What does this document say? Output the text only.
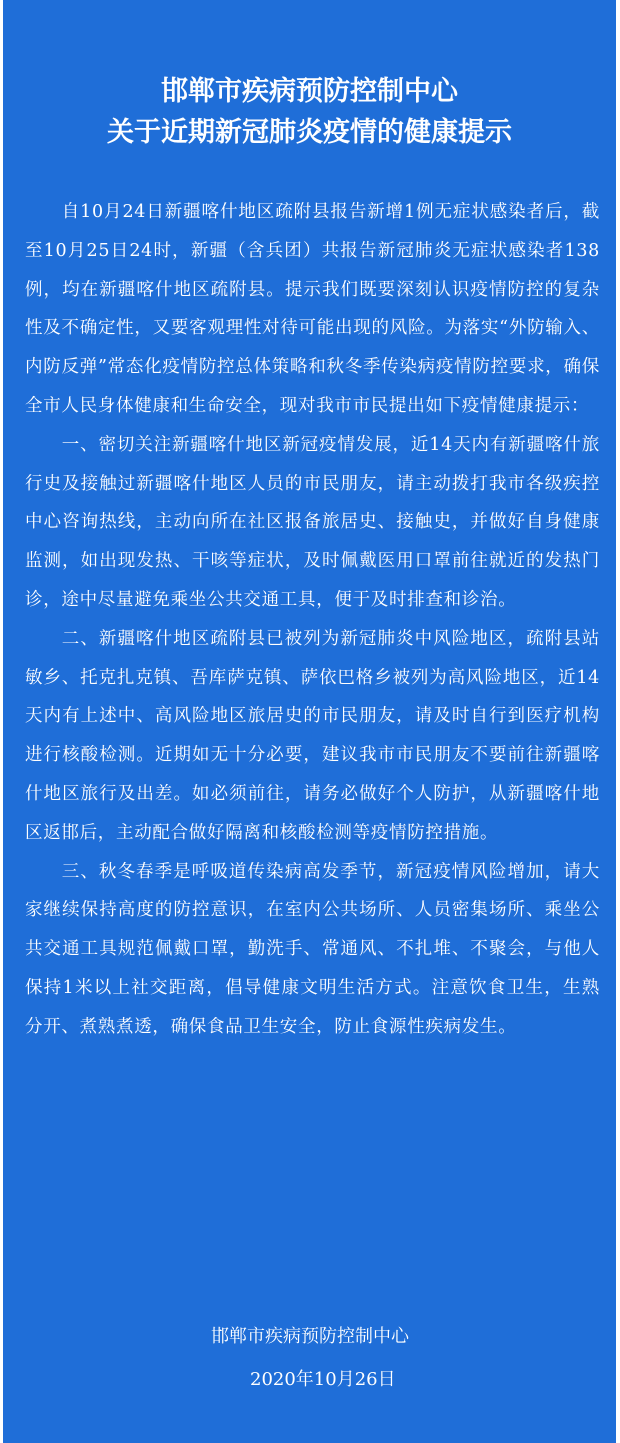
邯郸市疾病预防控制中心
关于近期新冠肺炎疫情的健康提示

自10月24日新疆喀什地区疏附县报告新增1例无症状感染者后，截至10月25日24时，新疆（含兵团）共报告新冠肺炎无症状感染者138例，均在新疆喀什地区疏附县。提示我们既要深刻认识疫情防控的复杂性及不确定性，又要客观理性对待可能出现的风险。为落实“外防输入、内防反弹”常态化疫情防控总体策略和秋冬季传染病疫情防控要求，确保全市人民身体健康和生命安全，现对我市市民提出如下疫情健康提示：

一、密切关注新疆喀什地区新冠疫情发展，近14天内有新疆喀什旅行史及接触过新疆喀什地区人员的市民朋友，请主动拨打我市各级疾控中心咨询热线，主动向所在社区报备旅居史、接触史，并做好自身健康监测，如出现发热、干咳等症状，及时佩戴医用口罩前往就近的发热门诊，途中尽量避免乘坐公共交通工具，便于及时排查和诊治。

二、新疆喀什地区疏附县已被列为新冠肺炎中风险地区，疏附县站敏乡、托克扎克镇、吾库萨克镇、萨依巴格乡被列为高风险地区，近14天内有上述中、高风险地区旅居史的市民朋友，请及时自行到医疗机构进行核酸检测。近期如无十分必要，建议我市市民朋友不要前往新疆喀什地区旅行及出差。如必须前往，请务必做好个人防护，从新疆喀什地区返邯后，主动配合做好隔离和核酸检测等疫情防控措施。

三、秋冬春季是呼吸道传染病高发季节，新冠疫情风险增加，请大家继续保持高度的防控意识，在室内公共场所、人员密集场所、乘坐公共交通工具规范佩戴口罩，勤洗手、常通风、不扎堆、不聚会，与他人保持1米以上社交距离，倡导健康文明生活方式。注意饮食卫生，生熟分开、煮熟煮透，确保食品卫生安全，防止食源性疾病发生。

邯郸市疾病预防控制中心
2020年10月26日
